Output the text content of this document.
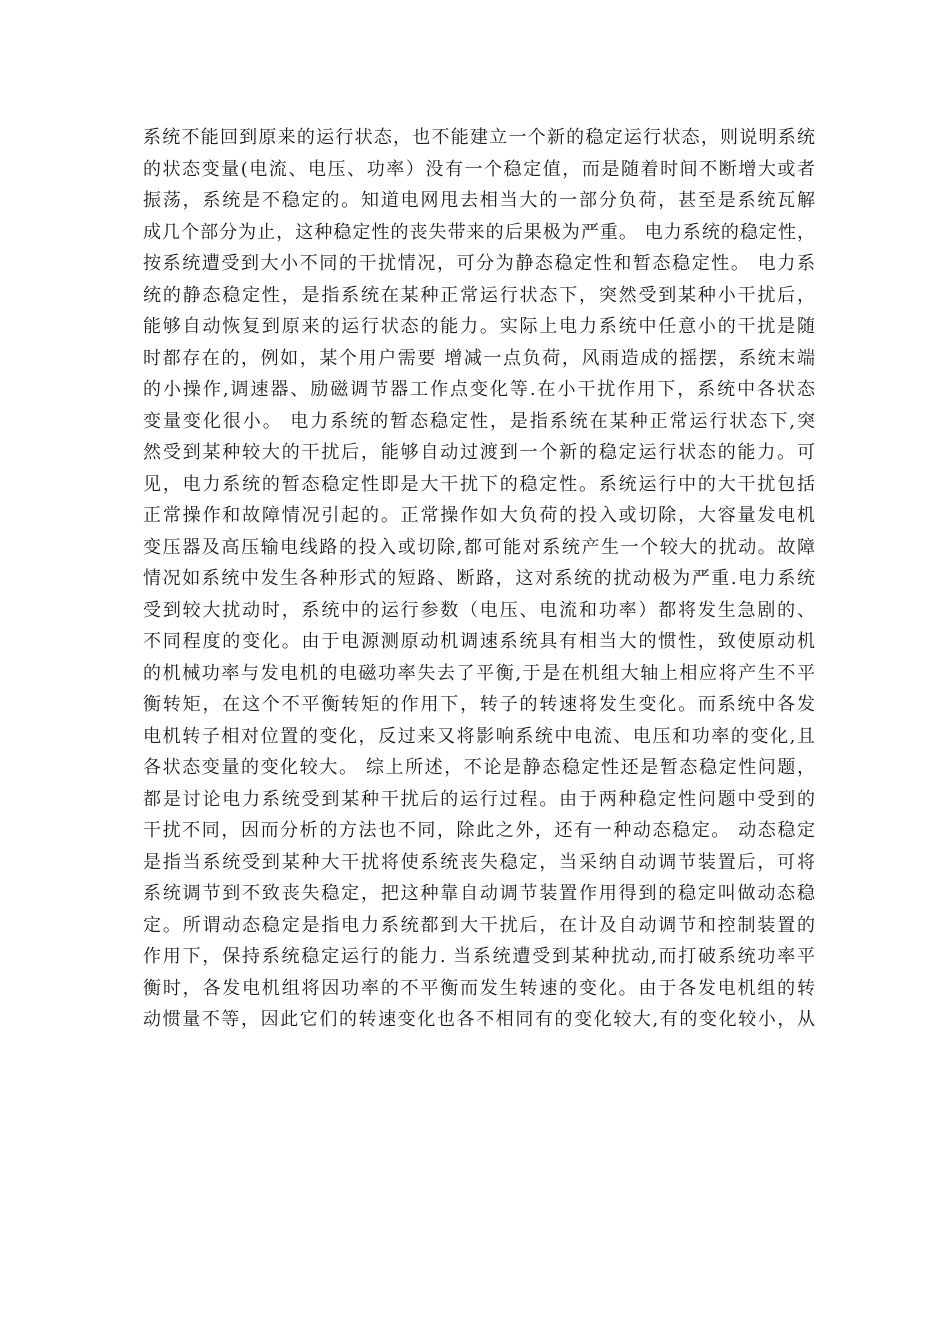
系统不能回到原来的运行状态，也不能建立一个新的稳定运行状态，则说明系统
的状态变量(电流、电压、功率）没有一个稳定值，而是随着时间不断增大或者
振荡，系统是不稳定的。知道电网甩去相当大的一部分负荷，甚至是系统瓦解
成几个部分为止，这种稳定性的丧失带来的后果极为严重。 电力系统的稳定性，
按系统遭受到大小不同的干扰情况，可分为静态稳定性和暂态稳定性。 电力系
统的静态稳定性，是指系统在某种正常运行状态下，突然受到某种小干扰后，
能够自动恢复到原来的运行状态的能力。实际上电力系统中任意小的干扰是随
时都存在的，例如，某个用户需要 增减一点负荷，风雨造成的摇摆，系统末端
的小操作,调速器、励磁调节器工作点变化等.在小干扰作用下，系统中各状态
变量变化很小。 电力系统的暂态稳定性，是指系统在某种正常运行状态下,突
然受到某种较大的干扰后，能够自动过渡到一个新的稳定运行状态的能力。可
见，电力系统的暂态稳定性即是大干扰下的稳定性。系统运行中的大干扰包括
正常操作和故障情况引起的。正常操作如大负荷的投入或切除，大容量发电机
变压器及高压输电线路的投入或切除,都可能对系统产生一个较大的扰动。故障
情况如系统中发生各种形式的短路、断路，这对系统的扰动极为严重.电力系统
受到较大扰动时，系统中的运行参数（电压、电流和功率）都将发生急剧的、
不同程度的变化。由于电源测原动机调速系统具有相当大的惯性，致使原动机
的机械功率与发电机的电磁功率失去了平衡,于是在机组大轴上相应将产生不平
衡转矩，在这个不平衡转矩的作用下，转子的转速将发生变化。而系统中各发
电机转子相对位置的变化，反过来又将影响系统中电流、电压和功率的变化,且
各状态变量的变化较大。 综上所述，不论是静态稳定性还是暂态稳定性问题，
都是讨论电力系统受到某种干扰后的运行过程。由于两种稳定性问题中受到的
干扰不同，因而分析的方法也不同，除此之外，还有一种动态稳定。 动态稳定
是指当系统受到某种大干扰将使系统丧失稳定，当采纳自动调节装置后，可将
系统调节到不致丧失稳定，把这种靠自动调节装置作用得到的稳定叫做动态稳
定。所谓动态稳定是指电力系统都到大干扰后，在计及自动调节和控制装置的
作用下，保持系统稳定运行的能力. 当系统遭受到某种扰动,而打破系统功率平
衡时，各发电机组将因功率的不平衡而发生转速的变化。由于各发电机组的转
动惯量不等，因此它们的转速变化也各不相同有的变化较大,有的变化较小，从
